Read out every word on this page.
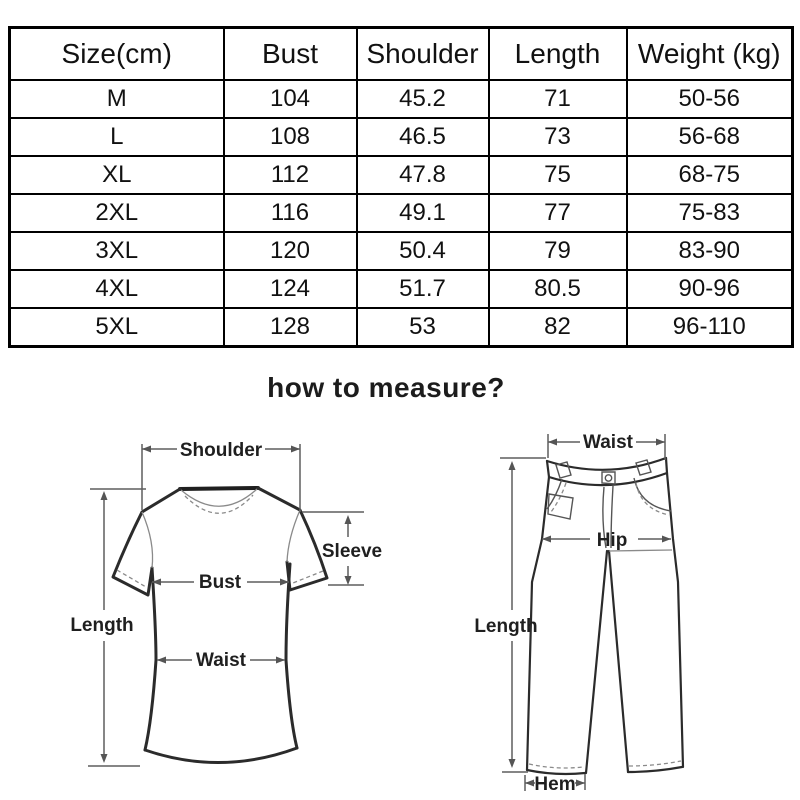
Size(cm)	Bust	Shoulder	Length	Weight (kg)
M	104	45.2	71	50-56
L	108	46.5	73	56-68
XL	112	47.8	75	68-75
2XL	116	49.1	77	75-83
3XL	120	50.4	79	83-90
4XL	124	51.7	80.5	90-96
5XL	128	53	82	96-110
how to measure?
Shoulder
Sleeve
Bust
Length
Waist
Waist
Hip
Length
Hem
